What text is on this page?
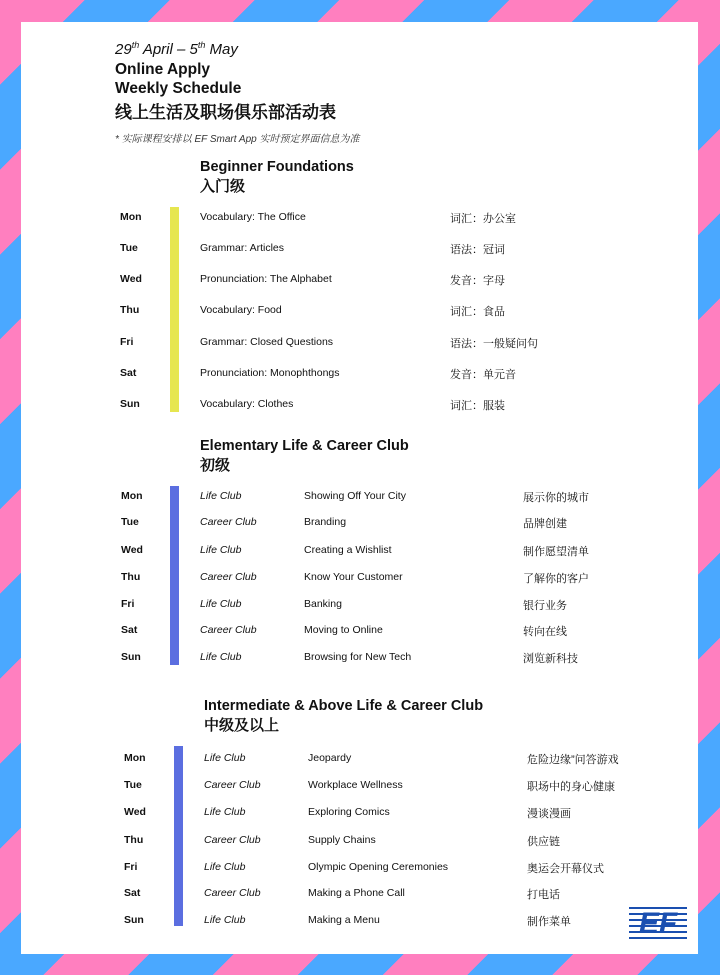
29th April – 5th May
Online Apply
Weekly Schedule
线上生活及职场俱乐部活动表
* 实际课程安排以 EF Smart App 实时预定界面信息为准
Beginner Foundations
入门级
Elementary Life & Career Club
初级
Intermediate & Above Life & Career Club
中级及以上
Mon	Vocabulary: The Office	词汇：办公室
Tue	Grammar: Articles	语法：冠词
Wed	Pronunciation: The Alphabet	发音：字母
Thu	Vocabulary: Food	词汇：食品
Fri	Grammar: Closed Questions	语法：一般疑问句
Sat	Pronunciation: Monophthongs	发音：单元音
Sun	Vocabulary: Clothes	词汇：服装
Mon	Life Club	Showing Off Your City	展示你的城市
Tue	Career Club	Branding	品牌创建
Wed	Life Club	Creating a Wishlist	制作愿望清单
Thu	Career Club	Know Your Customer	了解你的客户
Fri	Life Club	Banking	银行业务
Sat	Career Club	Moving to Online	转向在线
Sun	Life Club	Browsing for New Tech	浏览新科技
Mon	Life Club	Jeopardy	危险边缘”问答游戏
Tue	Career Club	Workplace Wellness	职场中的身心健康
Wed	Life Club	Exploring Comics	漫谈漫画
Thu	Career Club	Supply Chains	供应链
Fri	Life Club	Olympic Opening Ceremonies	奥运会开幕仪式
Sat	Career Club	Making a Phone Call	打电话
Sun	Life Club	Making a Menu	制作菜单 EF
